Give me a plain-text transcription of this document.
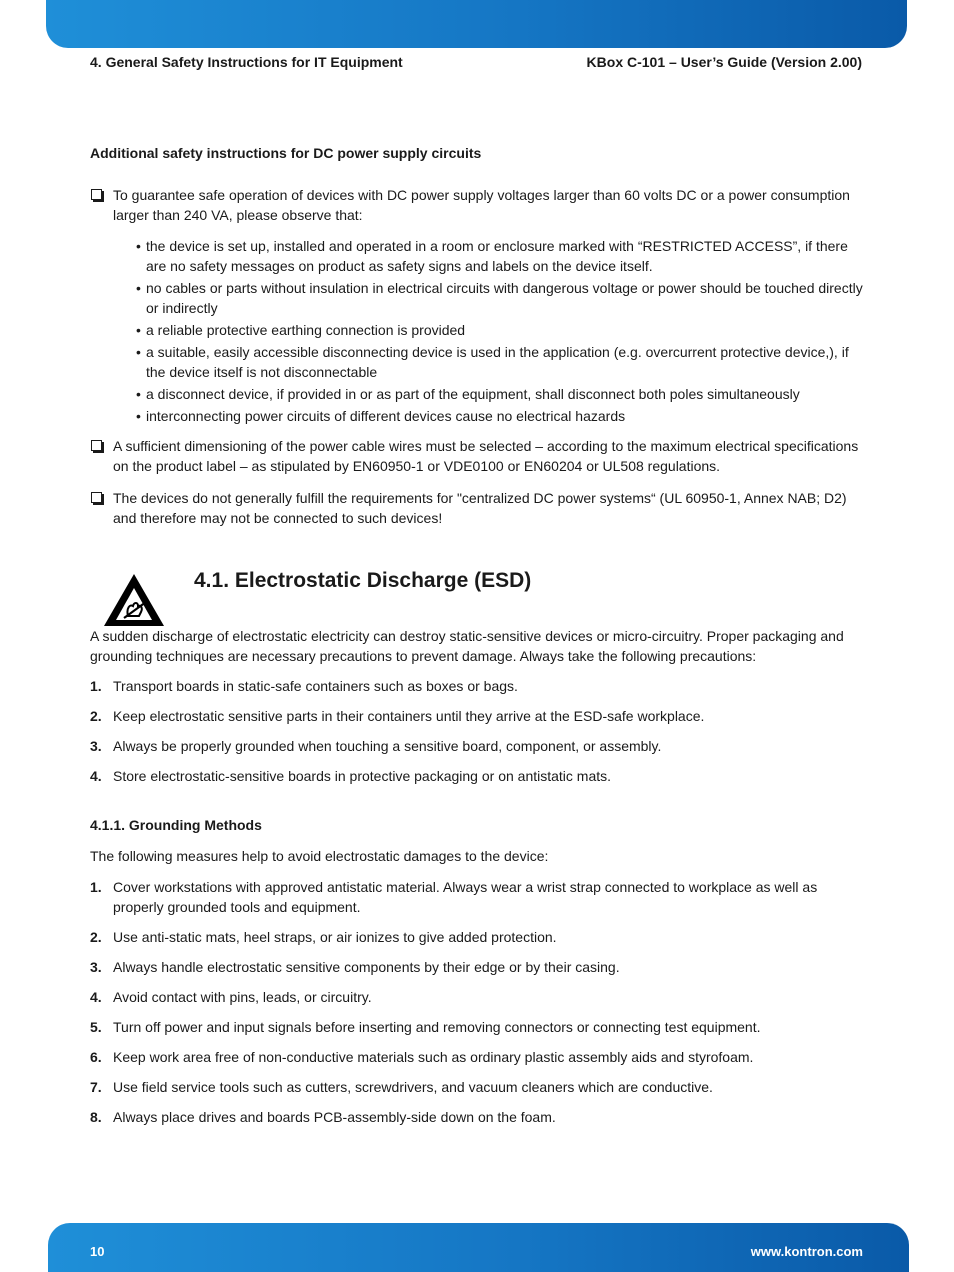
4. General Safety Instructions for IT Equipment	KBox C-101 – User’s Guide (Version 2.00)

Additional safety instructions for DC power supply circuits

To guarantee safe operation of devices with DC power supply voltages larger than 60 volts DC or a power consumption larger than 240 VA, please observe that:
• the device is set up, installed and operated in a room or enclosure marked with “RESTRICTED ACCESS”, if there are no safety messages on product as safety signs and labels on the device itself.
• no cables or parts without insulation in electrical circuits with dangerous voltage or power should be touched directly or indirectly
• a reliable protective earthing connection is provided
• a suitable, easily accessible disconnecting device is used in the application (e.g. overcurrent protective device,), if the device itself is not disconnectable
• a disconnect device, if provided in or as part of the equipment, shall disconnect both poles simultaneously
• interconnecting power circuits of different devices cause no electrical hazards
A sufficient dimensioning of the power cable wires must be selected – according to the maximum electrical specifications on the product label – as stipulated by EN60950-1 or VDE0100 or EN60204 or UL508 regulations.
The devices do not generally fulfill the requirements for "centralized DC power systems“ (UL 60950-1, Annex NAB; D2) and therefore may not be connected to such devices!
4.1. Electrostatic Discharge (ESD)

A sudden discharge of electrostatic electricity can destroy static-sensitive devices or micro-circuitry. Proper packaging and grounding techniques are necessary precautions to prevent damage. Always take the following precautions:

1. Transport boards in static-safe containers such as boxes or bags.
2. Keep electrostatic sensitive parts in their containers until they arrive at the ESD-safe workplace.
3. Always be properly grounded when touching a sensitive board, component, or assembly.
4. Store electrostatic-sensitive boards in protective packaging or on antistatic mats.

4.1.1. Grounding Methods

The following measures help to avoid electrostatic damages to the device:

1. Cover workstations with approved antistatic material. Always wear a wrist strap connected to workplace as well as properly grounded tools and equipment.
2. Use anti-static mats, heel straps, or air ionizes to give added protection.
3. Always handle electrostatic sensitive components by their edge or by their casing.
4. Avoid contact with pins, leads, or circuitry.
5. Turn off power and input signals before inserting and removing connectors or connecting test equipment.
6. Keep work area free of non-conductive materials such as ordinary plastic assembly aids and styrofoam.
7. Use field service tools such as cutters, screwdrivers, and vacuum cleaners which are conductive.
8. Always place drives and boards PCB-assembly-side down on the foam.
10	www.kontron.com
